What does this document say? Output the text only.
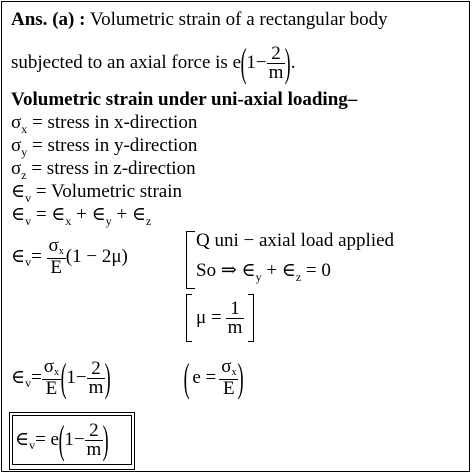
Ans. (a) : Volumetric strain of a rectangular body
subjected to an axial force is
e ( $1- \frac{2}{m}$ ) .
Volumetric strain under uni-axial loading–
$\sigma_x$ = stress in x-direction
$\sigma_y$ = stress in y-direction
$\sigma_z$ = stress in z-direction
$\in_v$ = Volumetric strain
$\in_v$ = $\in_x$ + $\in_y$ + $\in_z$
∈ v =
$\frac{\sigma x}{E} (1 - 2\mu)$
Q uni − axial load applied
So ⇒ $\in_y$ + $\in_z = 0$
$\mu = \frac{1}{m}$
∈ $v = \frac{\sigma x}{E}$ ( $1- \frac{2}{m}$ ) ( $e = \frac{\sigma x}{E}$ )
∈ v = e ( $1- \frac{2}{m}$ )
